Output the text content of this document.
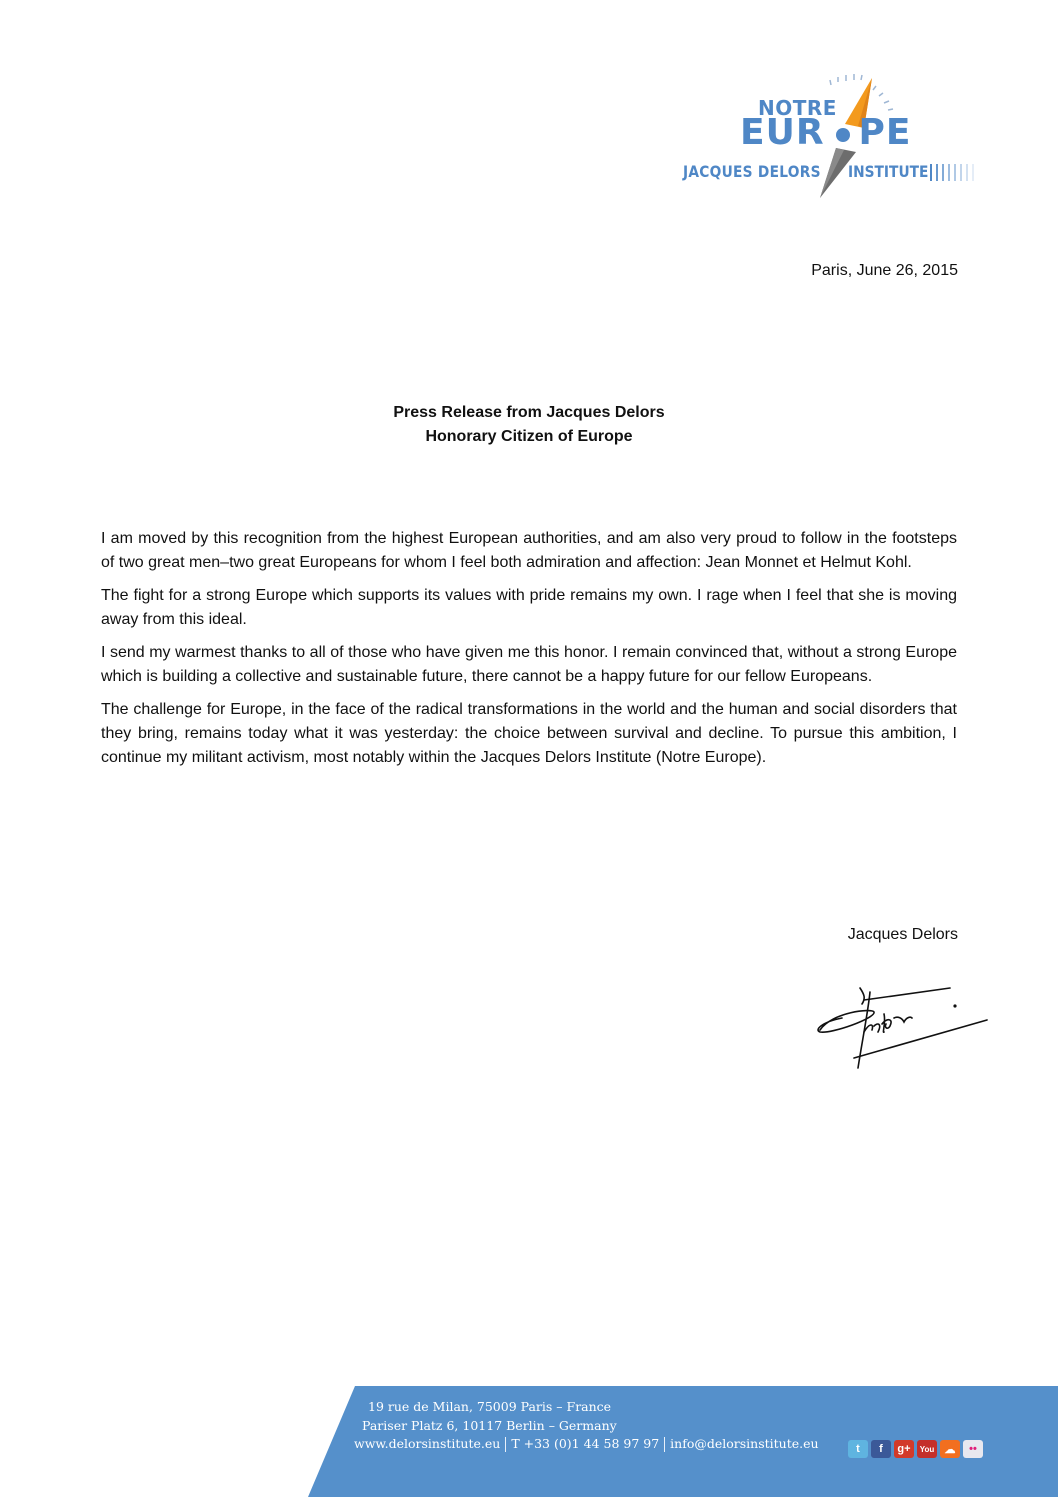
NOTRE
EUR PE
JACQUES DELORS INSTITUTE
Paris, June 26, 2015
Press Release from Jacques Delors
Honorary Citizen of Europe

I am moved by this recognition from the highest European authorities, and am also very proud to follow in the footsteps of two great men–two great Europeans for whom I feel both admiration and affection: Jean Monnet et Helmut Kohl.

The fight for a strong Europe which supports its values with pride remains my own. I rage when I feel that she is moving away from this ideal.

I send my warmest thanks to all of those who have given me this honor. I remain convinced that, without a strong Europe which is building a collective and sustainable future, there cannot be a happy future for our fellow Europeans.

The challenge for Europe, in the face of the radical transformations in the world and the human and social disorders that they bring, remains today what it was yesterday: the choice between survival and decline. To pursue this ambition, I continue my militant activism, most notably within the Jacques Delors Institute (Notre Europe).

Jacques Delors
19 rue de Milan, 75009 Paris – France
Pariser Platz 6, 10117 Berlin – Germany
www.delorsinstitute.eu T +33 (0)1 44 58 97 97 info@delorsinstitute.eu	t	f	g+	You ☁	••
